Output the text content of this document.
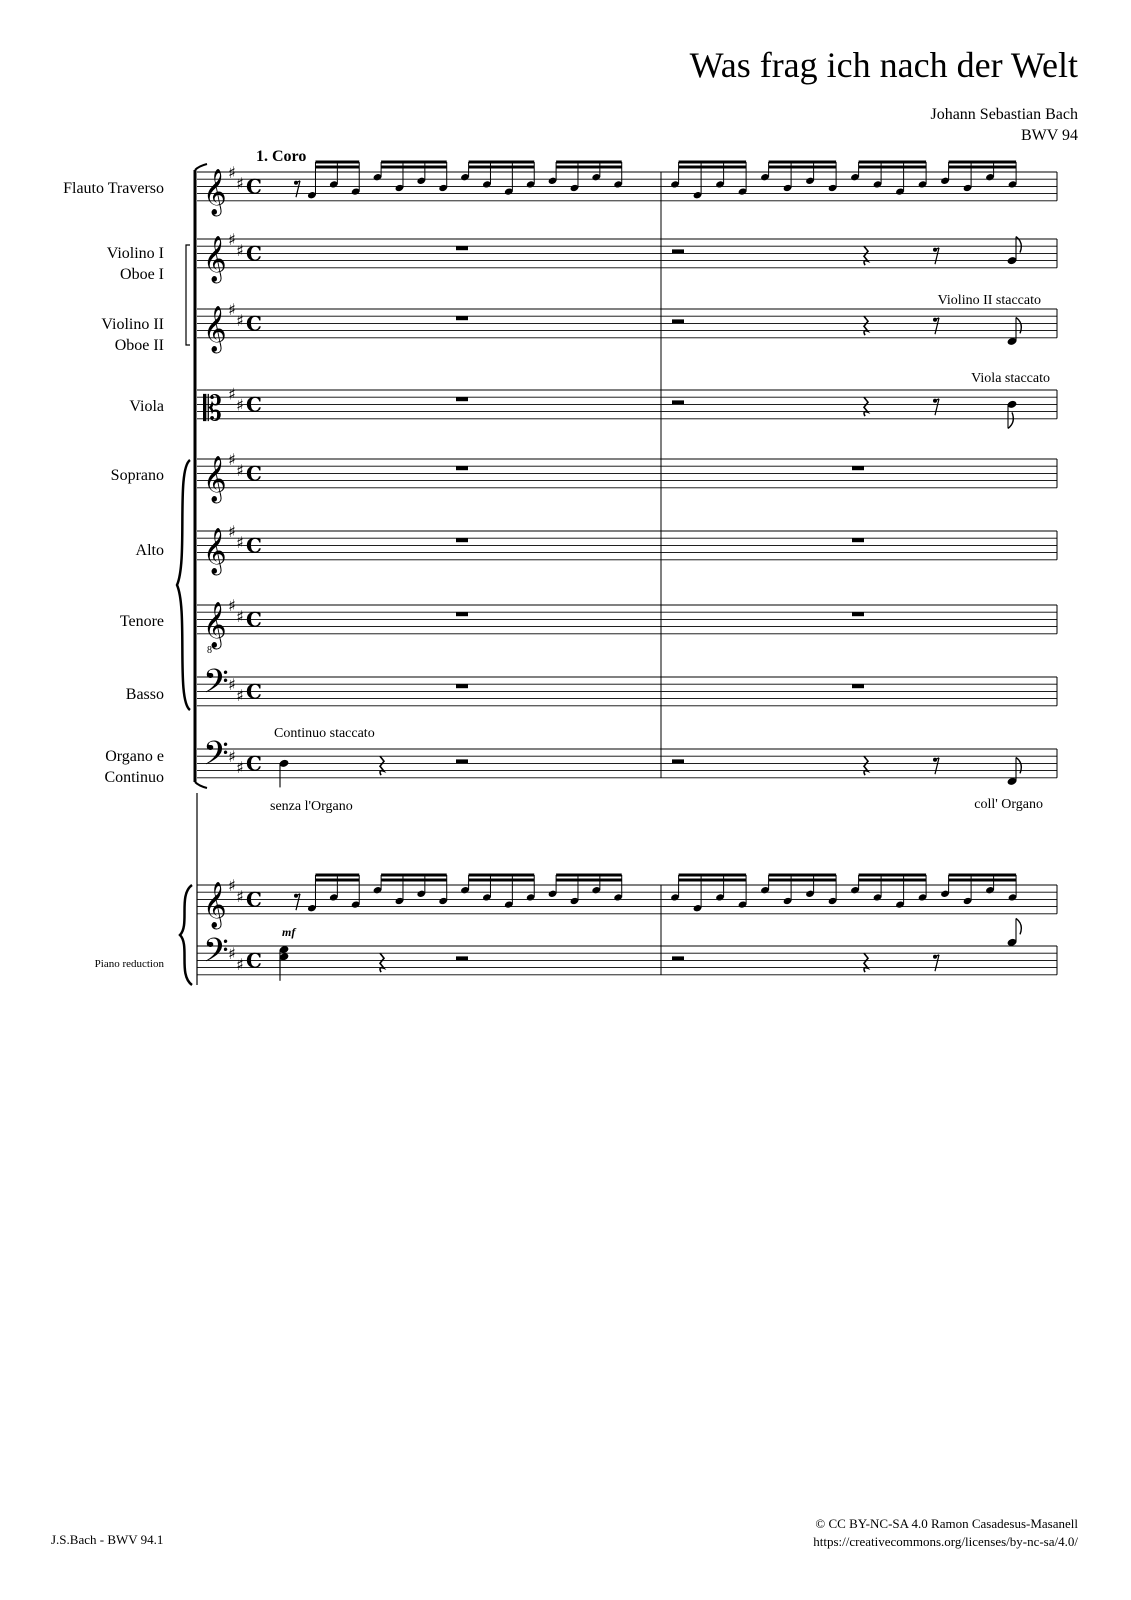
Was frag ich nach der Welt
Johann Sebastian Bach
BWV 94
1. Coro
Flauto Traverso
Violino I
Oboe I
Violino II
Oboe II
Viola
Soprano
Alto
Tenore
Basso
Organo e
Continuo
Violino II staccato
Viola staccato
Continuo staccato
senza l'Organo	coll' Organo
mf
Piano reduction
© CC BY-NC-SA 4.0 Ramon Casadesus-Masanell
https://creativecommons.org/licenses/by-nc-sa/4.0/
J.S.Bach - BWV 94.1
𝄞 ♯
♯ C
𝄞 ♯
♯ C
𝄞 ♯
♯ C
𝄡 ♯
♯ C
𝄞 ♯
♯ C
𝄞 ♯
♯ C
𝄞
8
♯
♯ C
𝄢 ♯
♯ C
𝄢 ♯
♯ C
𝄞 ♯
♯ C
𝄢 ♯
♯ C
